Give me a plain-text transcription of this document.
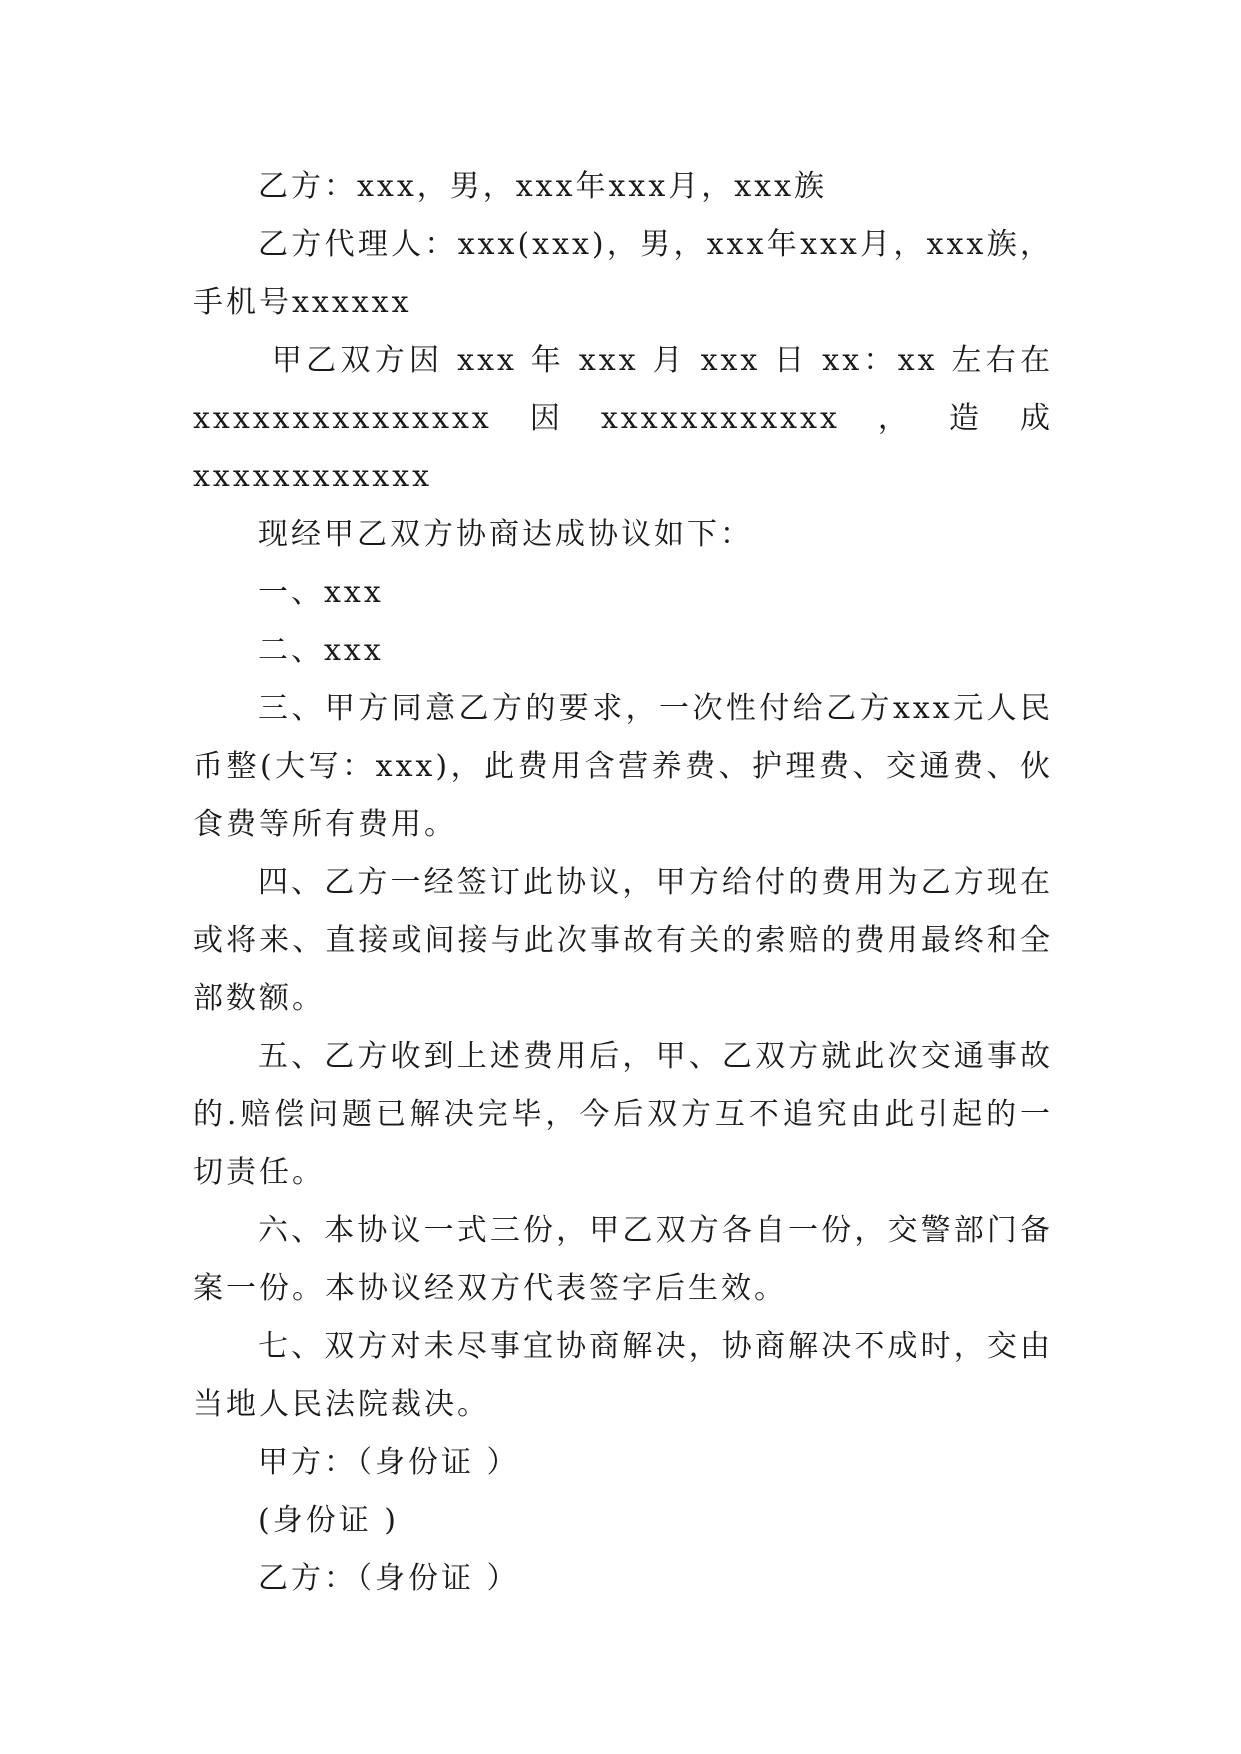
乙方：xxx，男，xxx年xxx月，xxx族

乙方代理人：xxx(xxx)，男，xxx年xxx月，xxx族，手机号xxxxxx

甲乙双方因 xxx 年 xxx 月 xxx 日 xx：xx 左右在 xxxxxxxxxxxxxxx因xxxxxxxxxxxx，造成xxxxxxxxxxxx

现经甲乙双方协商达成协议如下：

一、xxx

二、xxx

三、甲方同意乙方的要求，一次性付给乙方xxx元人民币整(大写：xxx)，此费用含营养费、护理费、交通费、伙食费等所有费用。

四、乙方一经签订此协议，甲方给付的费用为乙方现在或将来、直接或间接与此次事故有关的索赔的费用最终和全部数额。

五、乙方收到上述费用后，甲、乙双方就此次交通事故的.赔偿问题已解决完毕，今后双方互不追究由此引起的一切责任。

六、本协议一式三份，甲乙双方各自一份，交警部门备案一份。本协议经双方代表签字后生效。

七、双方对未尽事宜协商解决，协商解决不成时，交由当地人民法院裁决。

甲方：（身份证 ）

(身份证 )

乙方：（身份证 ）
